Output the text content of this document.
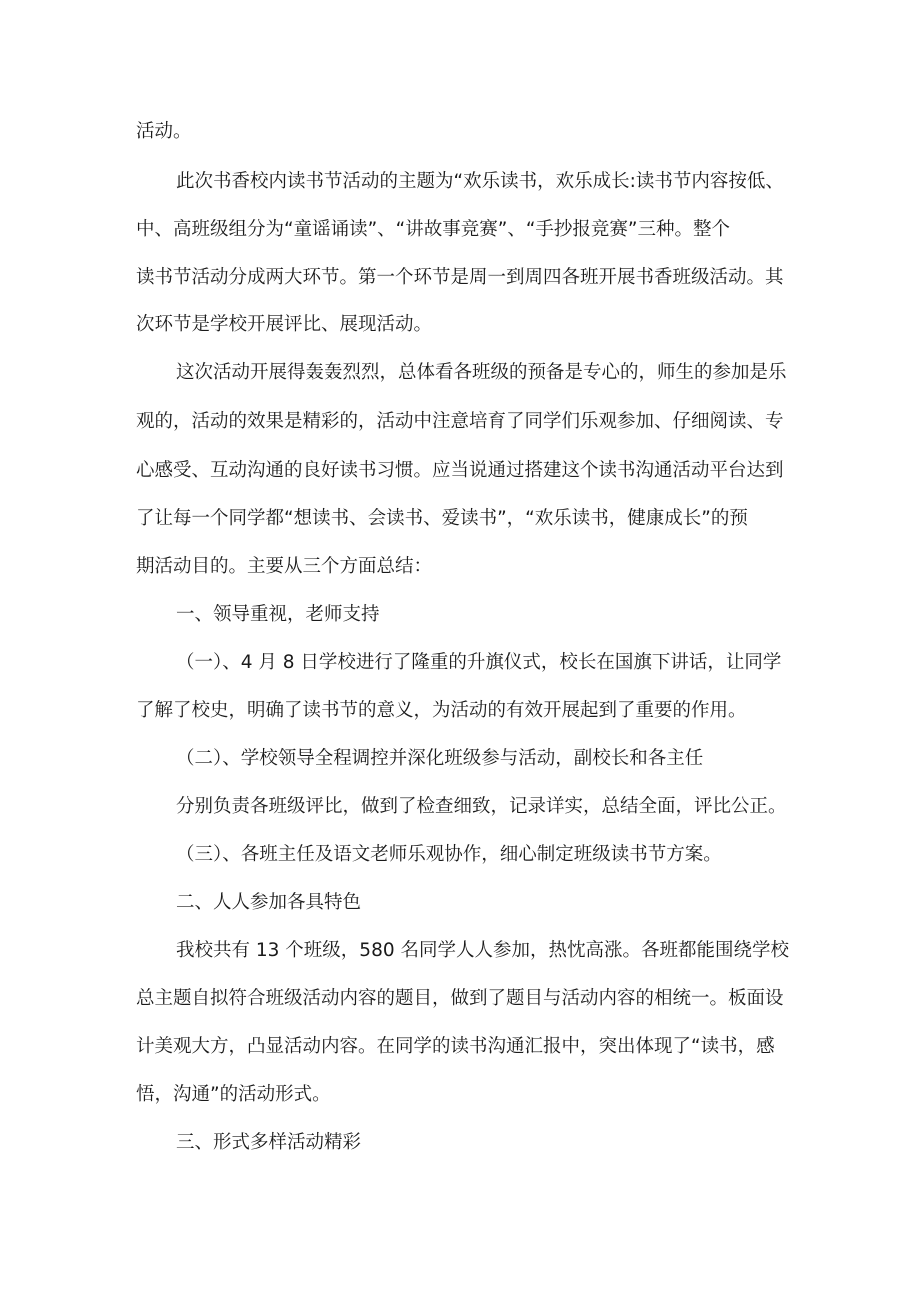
活动。
此次书香校内读书节活动的主题为“欢乐读书，欢乐成长:读书节内容按低、
中、高班级组分为“童谣诵读”、“讲故事竞赛”、“手抄报竞赛”三种。整个
读书节活动分成两大环节。第一个环节是周一到周四各班开展书香班级活动。其
次环节是学校开展评比、展现活动。
这次活动开展得轰轰烈烈，总体看各班级的预备是专心的，师生的参加是乐
观的，活动的效果是精彩的，活动中注意培育了同学们乐观参加、仔细阅读、专
心感受、互动沟通的良好读书习惯。应当说通过搭建这个读书沟通活动平台达到
了让每一个同学都“想读书、会读书、爱读书”，“欢乐读书，健康成长”的预
期活动目的。主要从三个方面总结：
一、领导重视，老师支持
（一）、4 月 8 日学校进行了隆重的升旗仪式，校长在国旗下讲话，让同学
了解了校史，明确了读书节的意义，为活动的有效开展起到了重要的作用。
（二）、学校领导全程调控并深化班级参与活动，副校长和各主任
分别负责各班级评比，做到了检查细致，记录详实，总结全面，评比公正。
（三）、各班主任及语文老师乐观协作，细心制定班级读书节方案。
二、人人参加各具特色
我校共有 13 个班级，580 名同学人人参加，热忱高涨。各班都能围绕学校
总主题自拟符合班级活动内容的题目，做到了题目与活动内容的相统一。板面设
计美观大方，凸显活动内容。在同学的读书沟通汇报中，突出体现了“读书，感
悟，沟通”的活动形式。
三、形式多样活动精彩
